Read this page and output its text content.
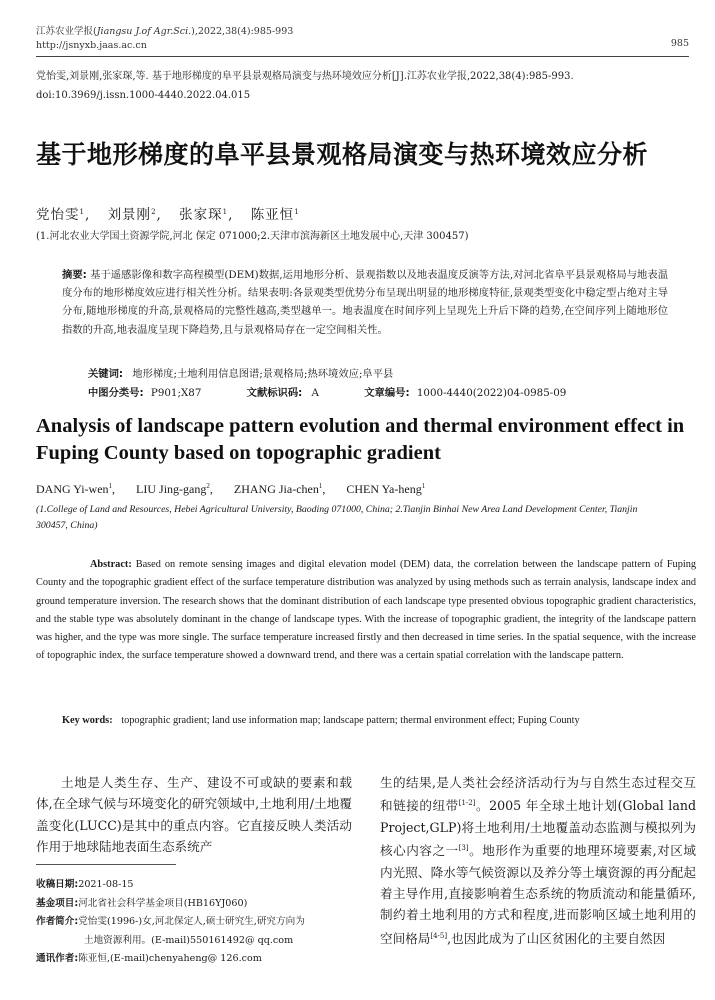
江苏农业学报(Jiangsu J.of Agr.Sci.),2022,38(4):985-993
http://jsnyxb.jaas.ac.cn	985
党怡雯,刘景刚,张家琛,等. 基于地形梯度的阜平县景观格局演变与热环境效应分析[J].江苏农业学报,2022,38(4):985-993.
doi:10.3969/j.issn.1000-4440.2022.04.015
基于地形梯度的阜平县景观格局演变与热环境效应分析
党怡雯$^1$, 刘景刚$^2$, 张家琛$^1$, 陈亚恒$^1$
(1.河北农业大学国土资源学院,河北 保定 071000;2.天津市滨海新区土地发展中心,天津 300457)
摘要: 基于遥感影像和数字高程模型(DEM)数据,运用地形分析、景观指数以及地表温度反演等方法,对河北省阜平县景观格局与地表温度分布的地形梯度效应进行相关性分析。结果表明:各景观类型优势分布呈现出明显的地形梯度特征,景观类型变化中稳定型占绝对主导分布,随地形梯度的升高,景观格局的完整性越高,类型越单一。地表温度在时间序列上呈现先上升后下降的趋势,在空间序列上随地形位指数的升高,地表温度呈现下降趋势,且与景观格局存在一定空间相关性。
关键词: 地形梯度;土地利用信息图谱;景观格局;热环境效应;阜平县
中图分类号: P901;X87	文献标识码: A	文章编号: 1000-4440(2022)04-0985-09
Analysis of landscape pattern evolution and thermal environment effect in
Fuping County based on topographic gradient
DANG Yi-wen$^1$, LIU Jing-gang$^2$, ZHANG Jia-chen$^1$, CHEN Ya-heng$^1$
(1.College of Land and Resources, Hebei Agricultural University, Baoding 071000, China; 2.Tianjin Binhai New Area Land Development Center, Tianjin
300457, China)
Abstract: Based on remote sensing images and digital elevation model (DEM) data, the correlation between the landscape pattern of Fuping County and the topographic gradient effect of the surface temperature distribution was analyzed by using methods such as terrain analysis, landscape index and ground temperature inversion. The research shows that the dominant distribution of each landscape type presented obvious topographic gradient characteristics, and the stable type was absolutely dominant in the change of landscape types. With the increase of topographic gradient, the integrity of the landscape pattern was higher, and the type was more single. The surface temperature increased firstly and then decreased in time series. In the spatial sequence, with the increase of topographic index, the surface temperature showed a downward trend, and there was a certain spatial correlation with the landscape pattern.
Key words: topographic gradient; land use information map; landscape pattern; thermal environment effect; Fuping County
土地是人类生存、生产、建设不可或缺的要素和载体,在全球气候与环境变化的研究领域中,土地利用/土地覆盖变化(LUCC)是其中的重点内容。它直接反映人类活动作用于地球陆地表面生态系统产
收稿日期:2021-08-15
基金项目:河北省社会科学基金项目(HB16YJ060)
作者简介:党怡雯(1996-)女,河北保定人,硕士研究生,研究方向为
土地资源利用。(E-mail)550161492@ qq.com
通讯作者:陈亚恒,(E-mail)chenyaheng@ 126.com
生的结果,是人类社会经济活动行为与自然生态过程交互和链接的纽带[1-2]。2005 年全球土地计划(Global land Project,GLP)将土地利用/土地覆盖动态监测与模拟列为核心内容之一[3]。地形作为重要的地理环境要素,对区域内光照、降水等气候资源以及养分等土壤资源的再分配起着主导作用,直接影响着生态系统的物质流动和能量循环,制约着土地利用的方式和程度,进而影响区域土地利用的空间格局[4-5],也因此成为了山区贫困化的主要自然因
